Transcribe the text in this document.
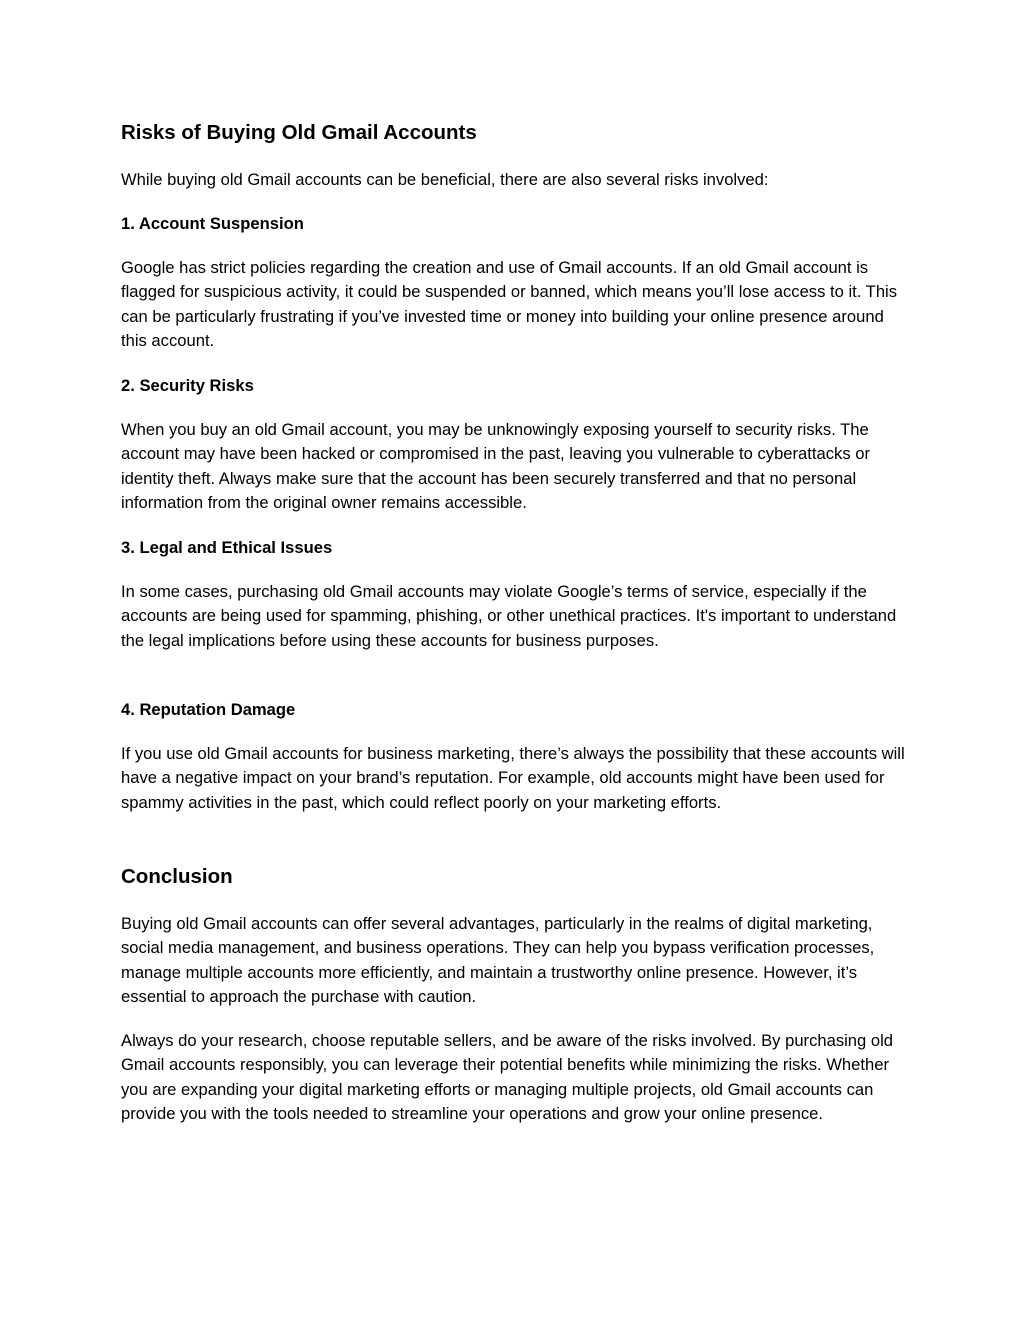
Risks of Buying Old Gmail Accounts
While buying old Gmail accounts can be beneficial, there are also several risks involved:
1. Account Suspension
Google has strict policies regarding the creation and use of Gmail accounts. If an old Gmail account is flagged for suspicious activity, it could be suspended or banned, which means you’ll lose access to it. This can be particularly frustrating if you’ve invested time or money into building your online presence around this account.
2. Security Risks
When you buy an old Gmail account, you may be unknowingly exposing yourself to security risks. The account may have been hacked or compromised in the past, leaving you vulnerable to cyberattacks or identity theft. Always make sure that the account has been securely transferred and that no personal information from the original owner remains accessible.
3. Legal and Ethical Issues
In some cases, purchasing old Gmail accounts may violate Google’s terms of service, especially if the accounts are being used for spamming, phishing, or other unethical practices. It's important to understand the legal implications before using these accounts for business purposes.
4. Reputation Damage
If you use old Gmail accounts for business marketing, there’s always the possibility that these accounts will have a negative impact on your brand’s reputation. For example, old accounts might have been used for spammy activities in the past, which could reflect poorly on your marketing efforts.
Conclusion
Buying old Gmail accounts can offer several advantages, particularly in the realms of digital marketing, social media management, and business operations. They can help you bypass verification processes, manage multiple accounts more efficiently, and maintain a trustworthy online presence. However, it’s essential to approach the purchase with caution.
Always do your research, choose reputable sellers, and be aware of the risks involved. By purchasing old Gmail accounts responsibly, you can leverage their potential benefits while minimizing the risks. Whether you are expanding your digital marketing efforts or managing multiple projects, old Gmail accounts can provide you with the tools needed to streamline your operations and grow your online presence.
